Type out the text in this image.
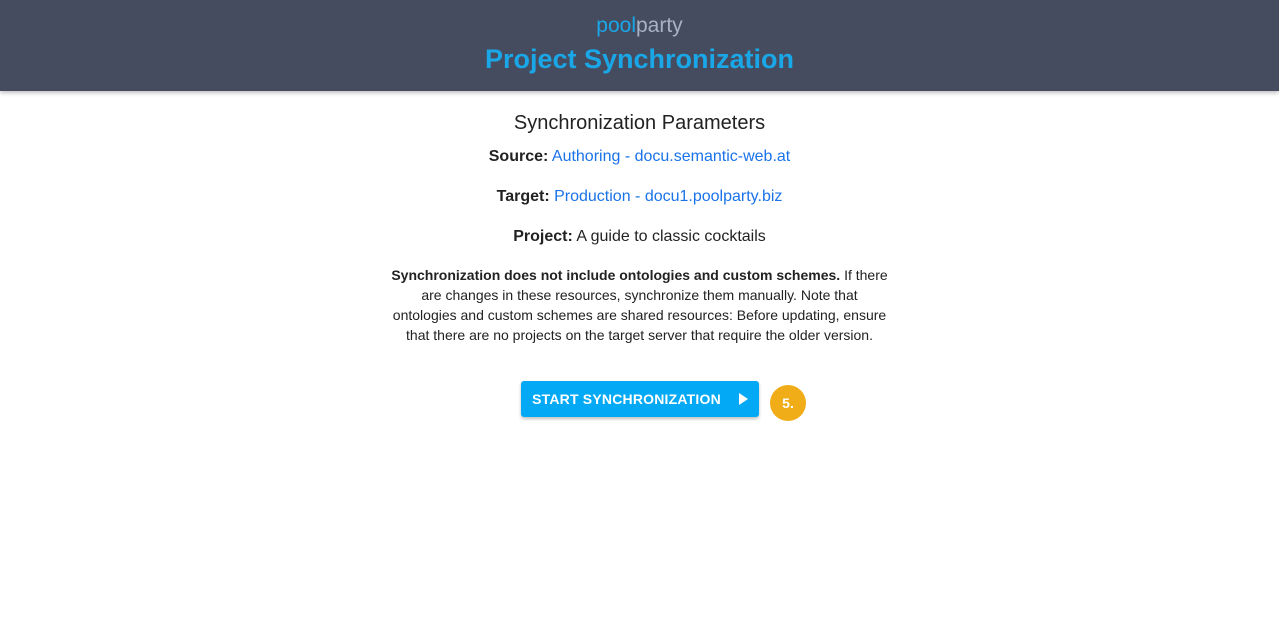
poolparty
Project Synchronization
Synchronization Parameters
Source: Authoring - docu.semantic-web.at
Target: Production - docu1.poolparty.biz
Project: A guide to classic cocktails
Synchronization does not include ontologies and custom schemes. If there are changes in these resources, synchronize them manually. Note that ontologies and custom schemes are shared resources: Before updating, ensure that there are no projects on the target server that require the older version.
START SYNCHRONIZATION	5.
